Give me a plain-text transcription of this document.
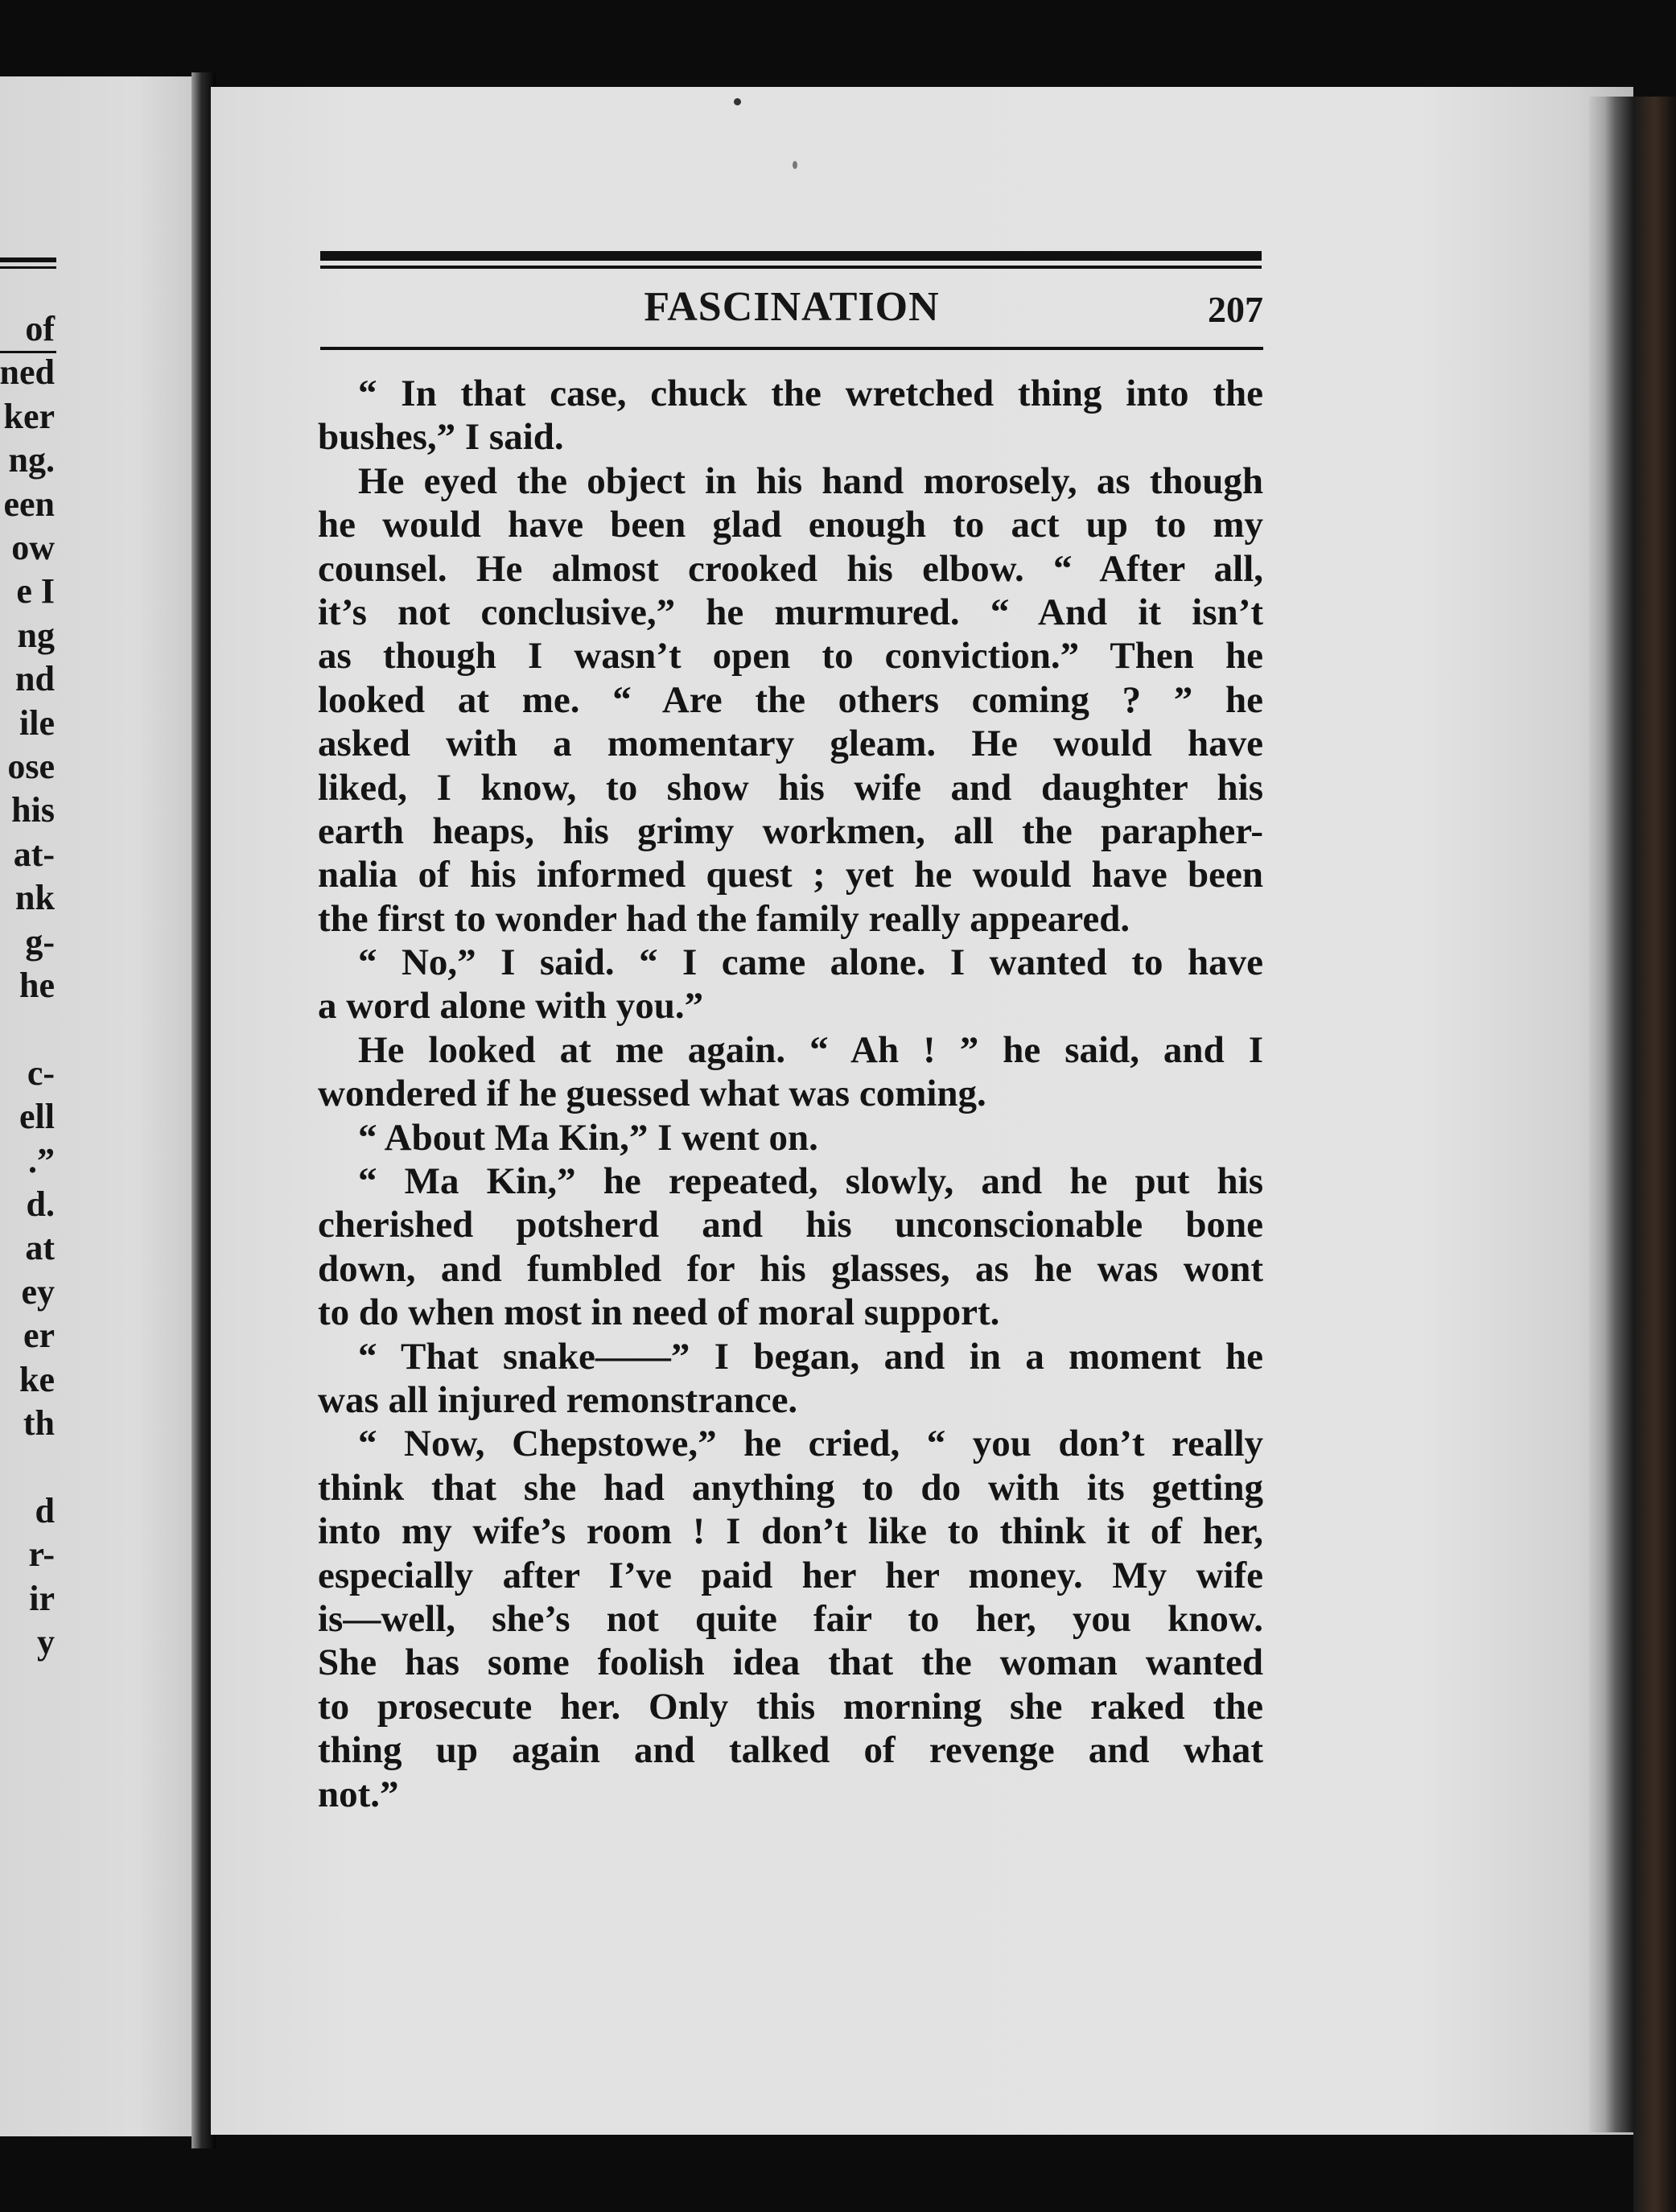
of
ned
ker
ng.
een
ow
e I
ng
nd
ile
ose
his
at-
nk
g-
he
c-
ell
.”
d.
at
ey
er
ke
th
d
r-
ir
y
FASCINATION	207
“ In that case, chuck the wretched thing into the
bushes,” I said.
He eyed the object in his hand morosely, as though
he would have been glad enough to act up to my
counsel. He almost crooked his elbow. “ After all,
it’s not conclusive,” he murmured. “ And it isn’t
as though I wasn’t open to conviction.” Then he
looked at me. “ Are the others coming ? ” he
asked with a momentary gleam. He would have
liked, I know, to show his wife and daughter his
earth heaps, his grimy workmen, all the parapher-
nalia of his informed quest ; yet he would have been
the first to wonder had the family really appeared.
“ No,” I said. “ I came alone. I wanted to have
a word alone with you.”
He looked at me again. “ Ah ! ” he said, and I
wondered if he guessed what was coming.
“ About Ma Kin,” I went on.
“ Ma Kin,” he repeated, slowly, and he put his
cherished potsherd and his unconscionable bone
down, and fumbled for his glasses, as he was wont
to do when most in need of moral support.
“ That snake——” I began, and in a moment he
was all injured remonstrance.
“ Now, Chepstowe,” he cried, “ you don’t really
think that she had anything to do with its getting
into my wife’s room ! I don’t like to think it of her,
especially after I’ve paid her her money. My wife
is—well, she’s not quite fair to her, you know.
She has some foolish idea that the woman wanted
to prosecute her. Only this morning she raked the
thing up again and talked of revenge and what
not.”
